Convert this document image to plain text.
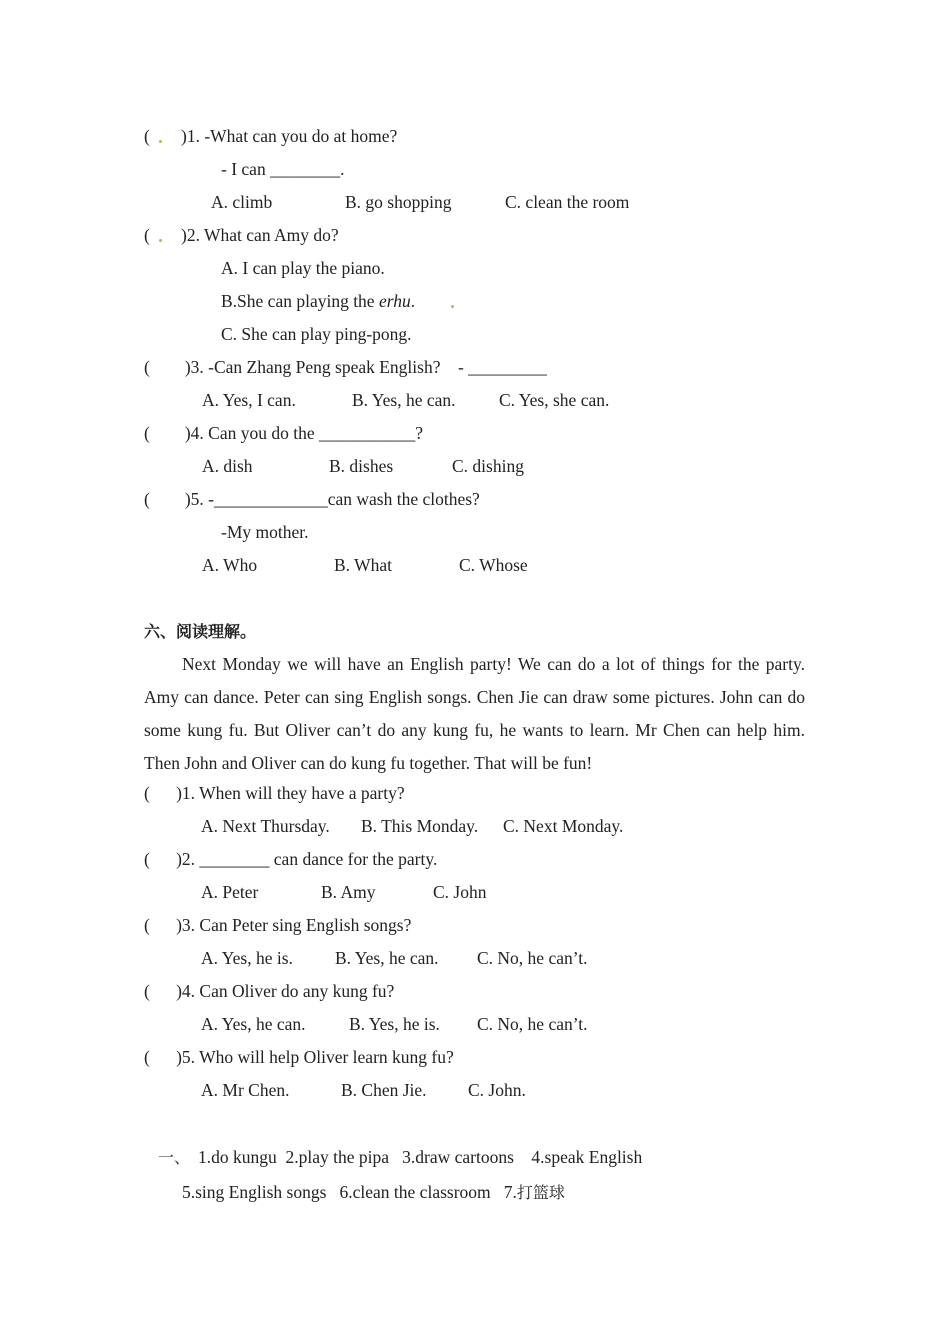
( )1. -What can you do at home?
- I can ________.
A. climb	B. go shopping	C. clean the room
( )2. What can Amy do?
A. I can play the piano.
B.She can playing the erhu.
C. She can play ping-pong.
(        )3. -Can Zhang Peng speak English?    - _________
A. Yes, I can.	B. Yes, he can. C. Yes, she can.
(        )4. Can you do the ___________?
A. dish	B. dishes	C. dishing
(        )5. -_____________can wash the clothes?
-My mother.
A. Who	B. What	C. Whose
六、阅读理解。
Next Monday we will have an English party! We can do a lot of things for the party. Amy can dance. Peter can sing English songs. Chen Jie can draw some pictures. John can do some kung fu. But Oliver can’t do any kung fu, he wants to learn. Mr Chen can help him. Then John and Oliver can do kung fu together. That will be fun!
(      )1. When will they have a party?
A. Next Thursday. B. This Monday. C. Next Monday.
(      )2. ________ can dance for the party.
A. Peter	B. Amy	C. John
(      )3. Can Peter sing English songs?
A. Yes, he is. B. Yes, he can. C. No, he can’t.
(      )4. Can Oliver do any kung fu?
A. Yes, he can. B. Yes, he is. C. No, he can’t.
(      )5. Who will help Oliver learn kung fu?
A. Mr Chen.	B. Chen Jie. C. John.
一、 1.do kungu  2.play the pipa   3.draw cartoons    4.speak English
5.sing English songs   6.clean the classroom   7.打篮球
